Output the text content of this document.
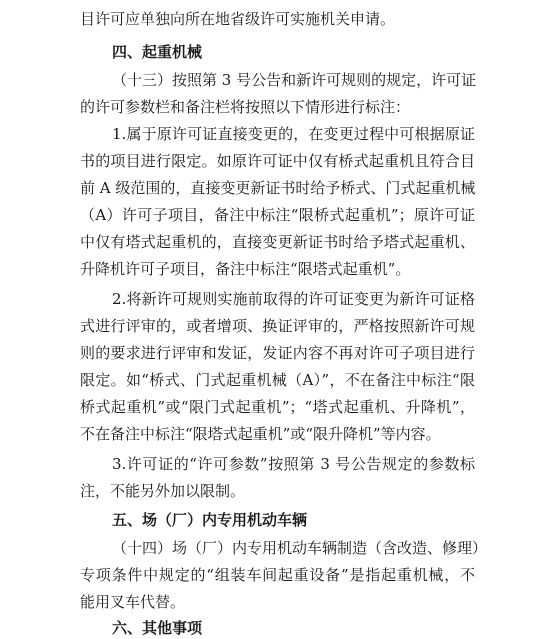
目许可应单独向所在地省级许可实施机关申请。
四、起重机械
（十三）按照第 3 号公告和新许可规则的规定，许可证
的许可参数栏和备注栏将按照以下情形进行标注：
1.属于原许可证直接变更的，在变更过程中可根据原证
书的项目进行限定。如原许可证中仅有桥式起重机且符合目
前 A 级范围的，直接变更新证书时给予桥式、门式起重机械
（A）许可子项目，备注中标注“限桥式起重机”；原许可证
中仅有塔式起重机的，直接变更新证书时给予塔式起重机、
升降机许可子项目，备注中标注“限塔式起重机”。
2.将新许可规则实施前取得的许可证变更为新许可证格
式进行评审的，或者增项、换证评审的，严格按照新许可规
则的要求进行评审和发证，发证内容不再对许可子项目进行
限定。如“桥式、门式起重机械（A）”，不在备注中标注“限
桥式起重机”或“限门式起重机”；“塔式起重机、升降机”，
不在备注中标注“限塔式起重机”或“限升降机”等内容。
3.许可证的“许可参数”按照第 3 号公告规定的参数标
注，不能另外加以限制。
五、场（厂）内专用机动车辆
（十四）场（厂）内专用机动车辆制造（含改造、修理）
专项条件中规定的“组装车间起重设备”是指起重机械，不
能用叉车代替。
六、其他事项
